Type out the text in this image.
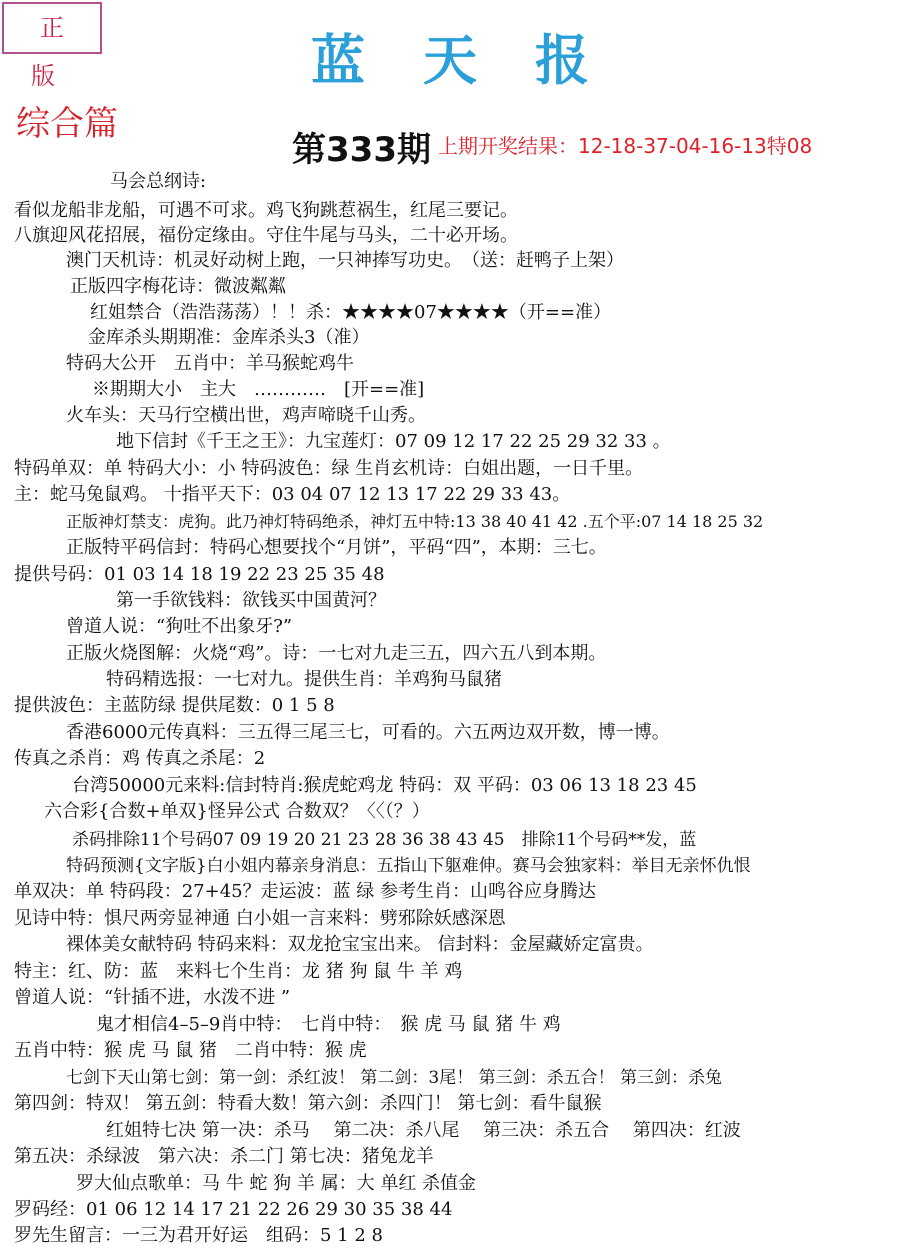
正版	蓝天报
综合篇
第333期 上期开奖结果：12-18-37-04-16-13特08
马会总纲诗:
看似龙船非龙船，可遇不可求。鸡飞狗跳惹祸生，红尾三要记。
八旗迎风花招展，福份定缘由。守住牛尾与马头，二十必开场。
澳门天机诗：机灵好动树上跑，一只神捧写功史。　（送：赶鸭子上架）
正版四字梅花诗：微波粼粼
红姐禁合（浩浩荡荡）！！杀：★★★★07★★★★（开==准）
金库杀头期期准：金库杀头3（准）
特码大公开　五肖中：羊马猴蛇鸡牛
※期期大小　主大　…………　[开==准]
火车头：天马行空横出世，鸡声啼晓千山秀。
地下信封《千王之王》：九宝莲灯：07 09 12 17 22 25 29 32 33 。
特码单双：单 特码大小：小 特码波色：绿 生肖玄机诗：白姐出题，一日千里。
主：蛇马兔鼠鸡。 十指平天下：03 04 07 12 13 17 22 29 33 43。
正版神灯禁支：虎狗。此乃神灯特码绝杀，神灯五中特:13 38 40 41 42 .五个平:07 14 18 25 32
正版特平码信封：特码心想要找个“月饼”，平码“四”，本期：三七。
提供号码：01 03 14 18 19 22 23 25 35 48
第一手欲钱料：欲钱买中国黄河？
曾道人说：“狗吐不出象牙?”
正版火烧图解：火烧“鸡”。诗：一七对九走三五，四六五八到本期。
特码精选报：一七对九。提供生肖：羊鸡狗马鼠猪
提供波色：主蓝防绿 提供尾数：0 1 5 8
香港6000元传真料：三五得三尾三七，可看的。六五两边双开数，博一博。
传真之杀肖：鸡 传真之杀尾：2
台湾50000元来料:信封特肖:猴虎蛇鸡龙 特码：双 平码：03 06 13 18 23 45
六合彩{合数+单双}怪异公式 合数双？〈〈（？）
杀码排除11个号码07 09 19 20 21 23 28 36 38 43 45　排除11个号码**发，蓝
特码预测{文字版}白小姐内幕亲身消息：五指山下躯难伸。赛马会独家料：举目无亲怀仇恨
单双决：单 特码段：27+45？走运波：蓝 绿 参考生肖：山鸣谷应身腾达
见诗中特：惧尺两旁显神通 白小姐一言来料：劈邪除妖感深恩
裸体美女献特码 特码来料：双龙抢宝宝出来。 信封料：金屋藏娇定富贵。
特主：红、防：蓝　来料七个生肖：龙 猪 狗 鼠 牛 羊 鸡
曾道人说：“针插不进，水泼不进 ”
鬼才相信4–5–9肖中特：　七肖中特：　猴 虎 马 鼠 猪 牛 鸡
五肖中特：猴 虎 马 鼠 猪　二肖中特：猴 虎
七剑下天山第七剑：第一剑：杀红波！ 第二剑：3尾！ 第三剑：杀五合！ 第三剑：杀兔
第四剑：特双！ 第五剑：特看大数！第六剑：杀四门！ 第七剑：看牛鼠猴
红姐特七决 第一决：杀马　 第二决：杀八尾　 第三决：杀五合　 第四决：红波
第五决：杀绿波　第六决：杀二门 第七决：猪兔龙羊
罗大仙点歌单：马 牛 蛇 狗 羊 属：大 单红 杀值金
罗码经：01 06 12 14 17 21 22 26 29 30 35 38 44
罗先生留言：一三为君开好运　组码：5 1 2 8
